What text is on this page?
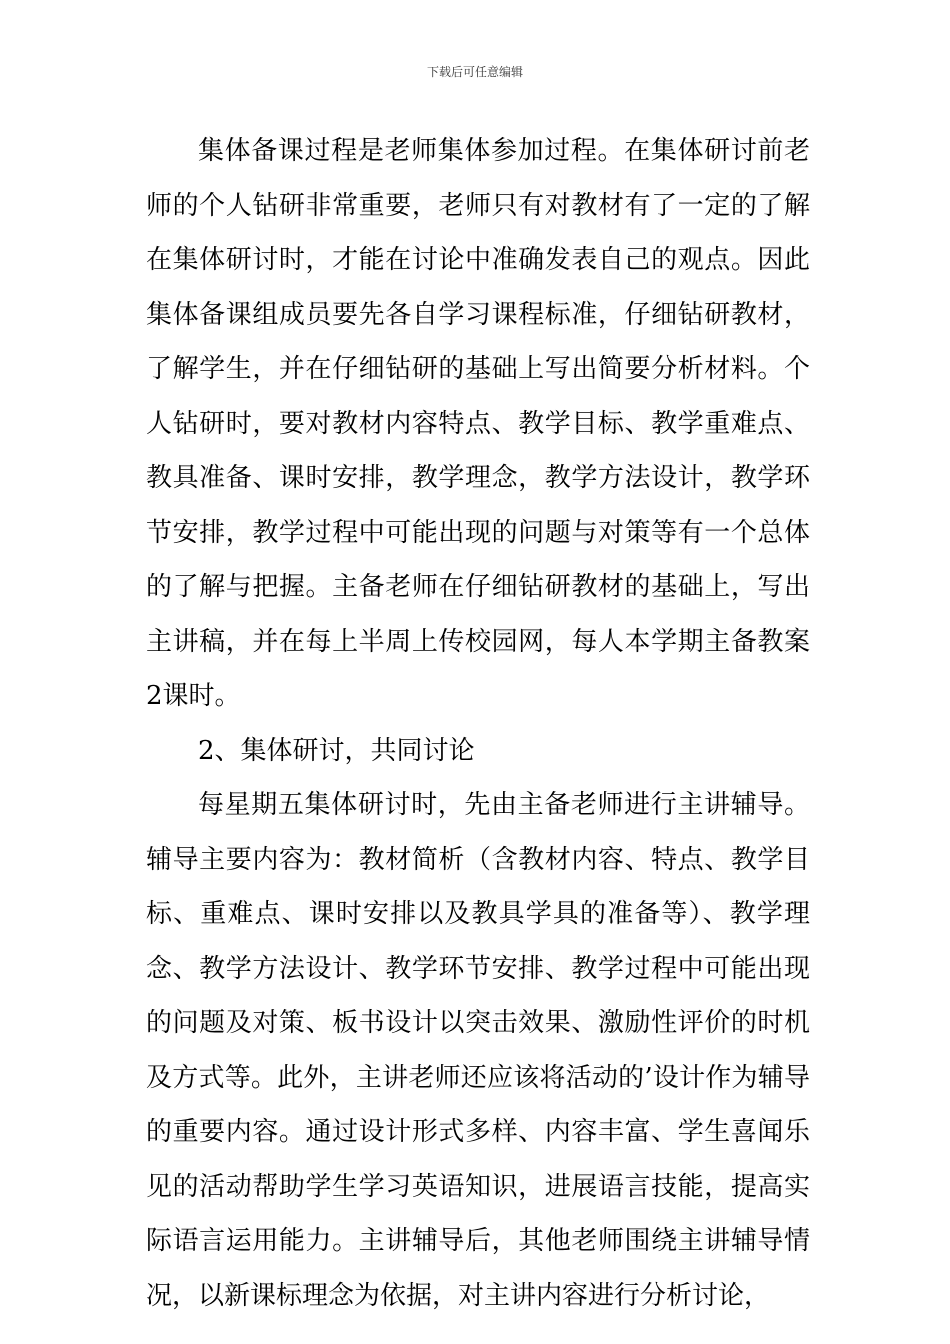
下载后可任意编辑

集体备课过程是老师集体参加过程。在集体研讨前老师的个人钻研非常重要，老师只有对教材有了一定的了解在集体研讨时，才能在讨论中准确发表自己的观点。因此集体备课组成员要先各自学习课程标准，仔细钻研教材，了解学生，并在仔细钻研的基础上写出简要分析材料。个人钻研时，要对教材内容特点、教学目标、教学重难点、教具准备、课时安排，教学理念，教学方法设计，教学环节安排，教学过程中可能出现的问题与对策等有一个总体的了解与把握。主备老师在仔细钻研教材的基础上，写出主讲稿，并在每上半周上传校园网，每人本学期主备教案2课时。

2、集体研讨，共同讨论

每星期五集体研讨时，先由主备老师进行主讲辅导。辅导主要内容为：教材简析（含教材内容、特点、教学目标、重难点、课时安排以及教具学具的准备等）、教学理念、教学方法设计、教学环节安排、教学过程中可能出现的问题及对策、板书设计以突击效果、激励性评价的时机及方式等。此外，主讲老师还应该将活动的’设计作为辅导的重要内容。通过设计形式多样、内容丰富、学生喜闻乐见的活动帮助学生学习英语知识，进展语言技能，提高实际语言运用能力。主讲辅导后，其他老师围绕主讲辅导情况，以新课标理念为依据，对主讲内容进行分析讨论，
